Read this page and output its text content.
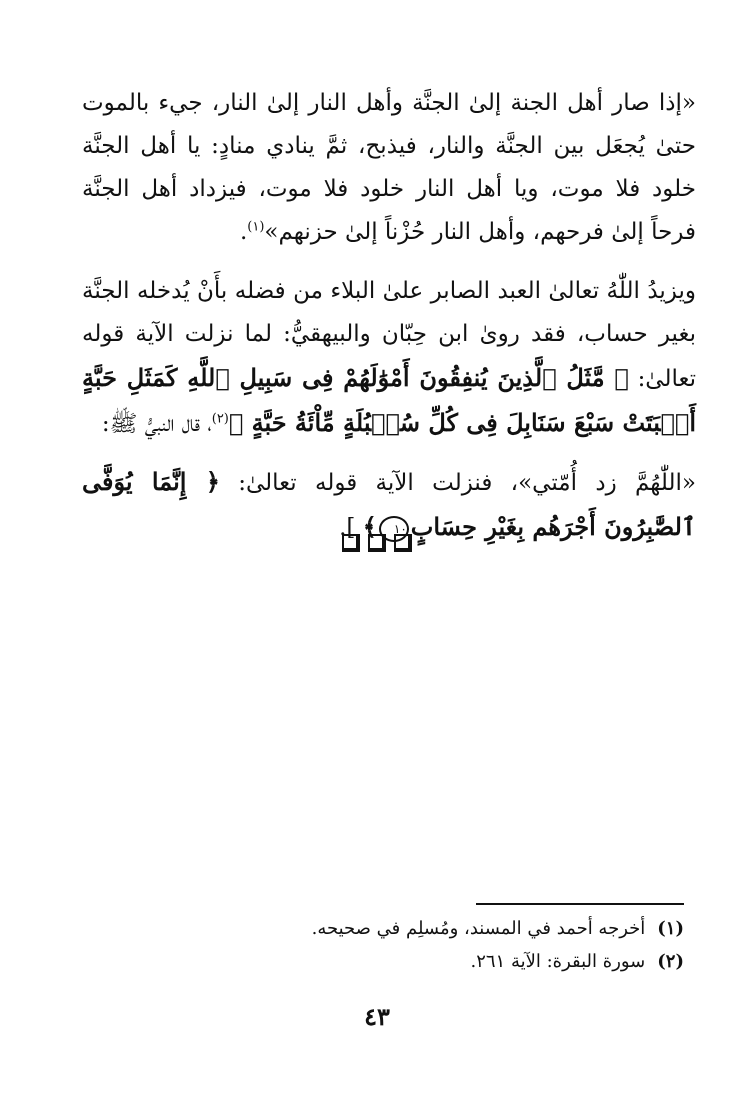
«إذا صار أهل الجنة إلىٰ الجنَّة وأهل النار إلىٰ النار، جيء بالموت حتىٰ يُجعَل بين الجنَّة والنار، فيذبح، ثمَّ ينادي منادٍ: يا أهل الجنَّة خلود فلا موت، ويا أهل النار خلود فلا موت، فيزداد أهل الجنَّة فرحاً إلىٰ فرحهم، وأهل النار حُزْناً إلىٰ حزنهم»$^{(١)}$.

ويزيدُ اللّٰهُ تعالىٰ العبد الصابر علىٰ البلاء من فضله بأَنْ يُدخله الجنَّة بغير حساب، فقد روىٰ ابن حِبّان والبيهقيُّ: لما نزلت الآية قوله تعالىٰ: ﴿ مَّثَلُ ٱلَّذِينَ يُنفِقُونَ أَمْوَٰلَهُمْ فِى سَبِيلِ ٱللَّهِ كَمَثَلِ حَبَّةٍ أَنۢبَتَتْ سَبْعَ سَنَابِلَ فِى كُلِّ سُنۢبُلَةٍ مِّاْئَةُ حَبَّةٍ ﴾$^{(٢)}$، قال النبيُّ ﷺ:

«اللّٰهُمَّ زد أُمّتي»، فنزلت الآية قوله تعالىٰ: ﴿ إِنَّمَا يُوَفَّى ٱلصَّٰبِرُونَ أَجْرَهُم بِغَيْرِ حِسَابٍ١٠﴾ ].

(١)أخرجه أحمد في المسند، ومُسلِم في صحيحه.
(٢)سورة البقرة: الآية ٢٦١.
٤٣
